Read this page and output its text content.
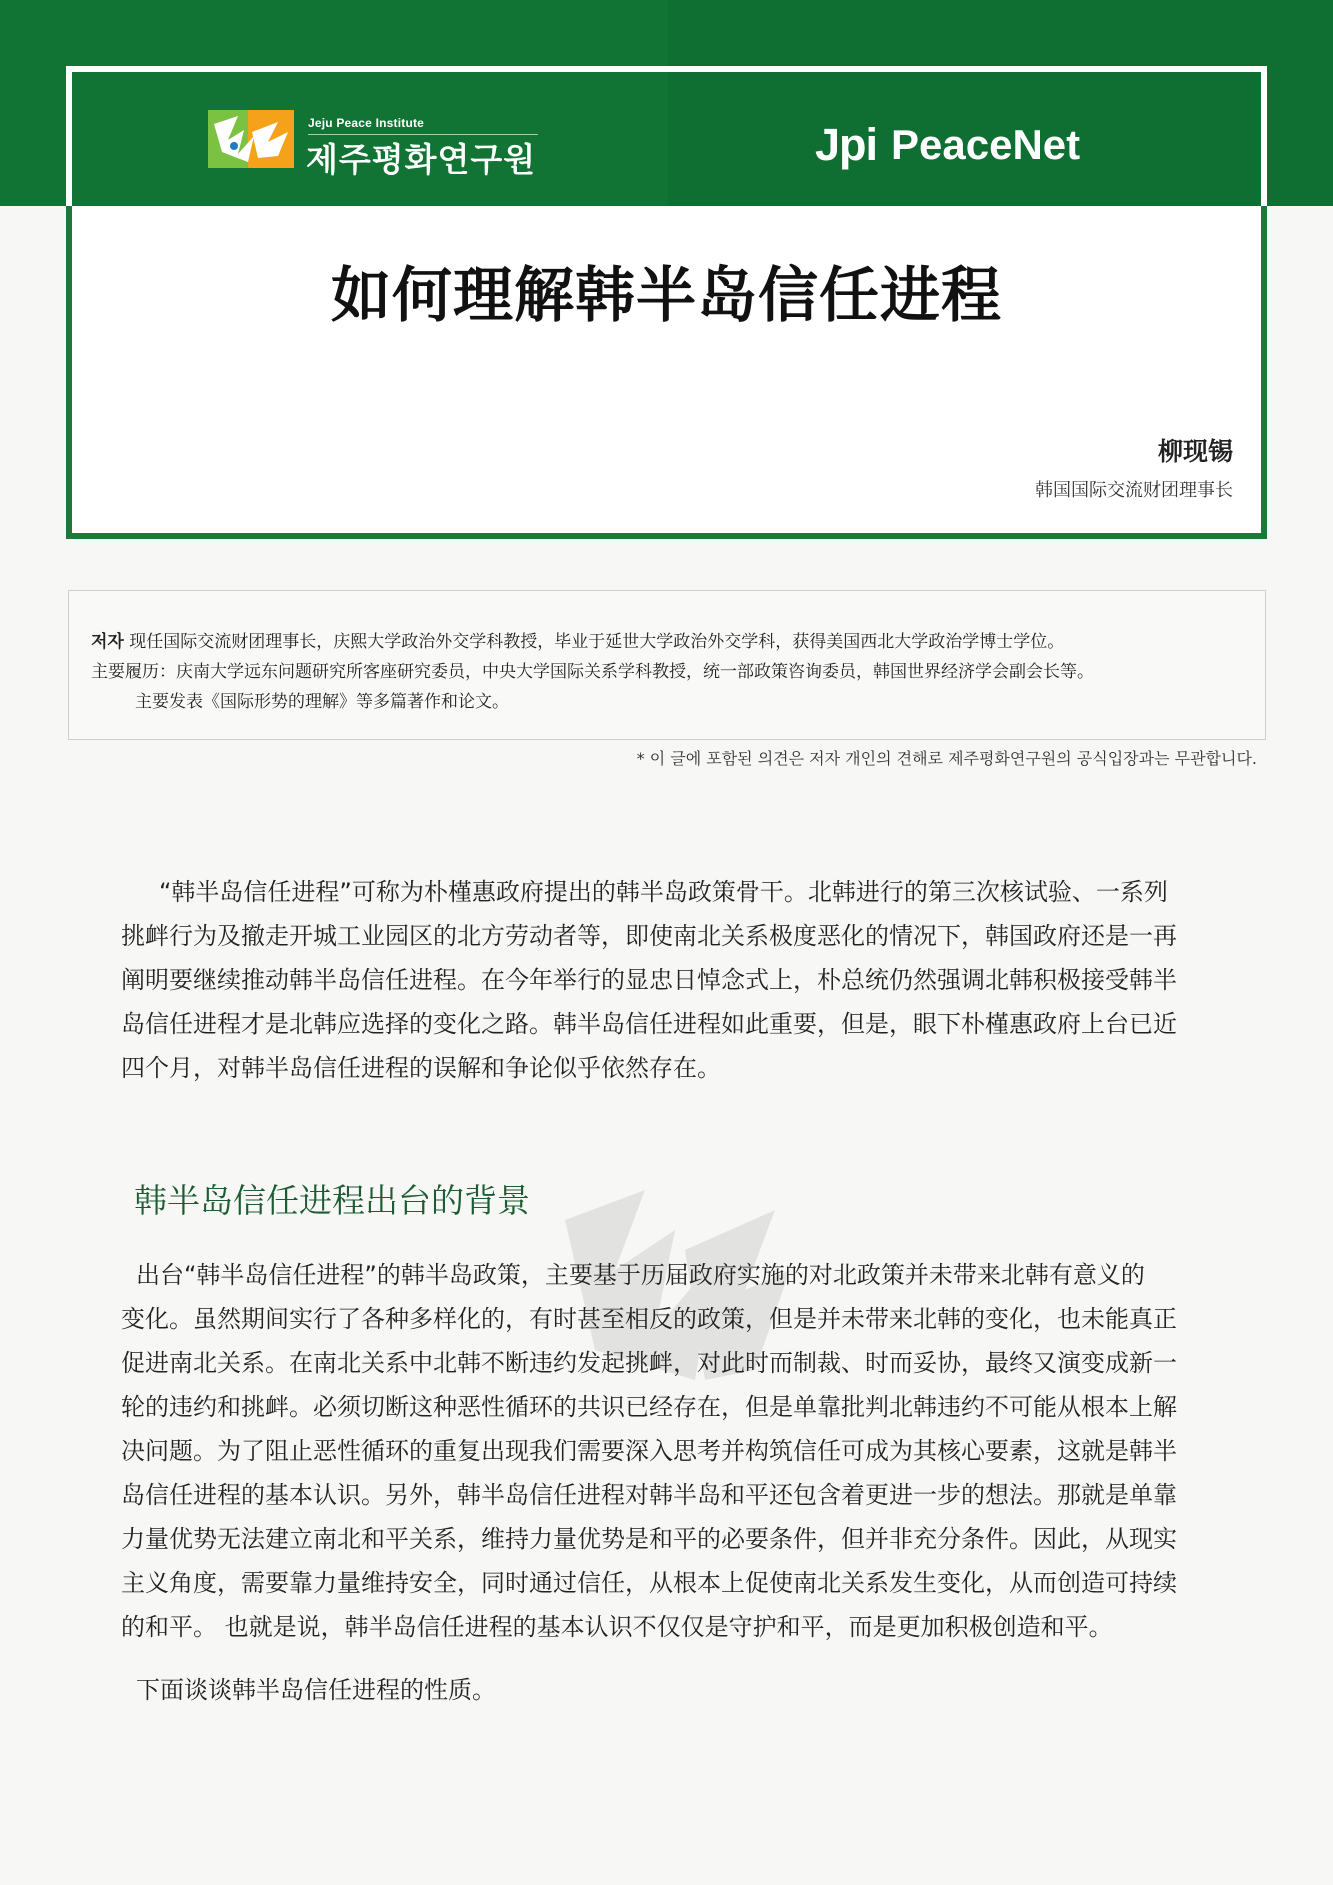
Jeju Peace Institute
제주평화연구원	Jpi PeaceNet
如何理解韩半岛信任进程
柳现锡
韩国国际交流财团理事长
저자 现任国际交流财团理事长，庆熙大学政治外交学科教授，毕业于延世大学政治外交学科，获得美国西北大学政治学博士学位。
主要履历：庆南大学远东问题研究所客座研究委员，中央大学国际关系学科教授，统一部政策咨询委员，韩国世界经济学会副会长等。
主要发表《国际形势的理解》等多篇著作和论文。
* 이 글에 포함된 의견은 저자 개인의 견해로 제주평화연구원의 공식입장과는 무관합니다.
“韩半岛信任进程”可称为朴槿惠政府提出的韩半岛政策骨干。北韩进行的第三次核试验、一系列
挑衅行为及撤走开城工业园区的北方劳动者等，即使南北关系极度恶化的情况下，韩国政府还是一再
阐明要继续推动韩半岛信任进程。在今年举行的显忠日悼念式上，朴总统仍然强调北韩积极接受韩半
岛信任进程才是北韩应选择的变化之路。韩半岛信任进程如此重要，但是，眼下朴槿惠政府上台已近
四个月，对韩半岛信任进程的误解和争论似乎依然存在。
韩半岛信任进程出台的背景
出台“韩半岛信任进程”的韩半岛政策，主要基于历届政府实施的对北政策并未带来北韩有意义的
变化。虽然期间实行了各种多样化的，有时甚至相反的政策，但是并未带来北韩的变化，也未能真正
促进南北关系。在南北关系中北韩不断违约发起挑衅，对此时而制裁、时而妥协，最终又演变成新一
轮的违约和挑衅。必须切断这种恶性循环的共识已经存在，但是单靠批判北韩违约不可能从根本上解
决问题。为了阻止恶性循环的重复出现我们需要深入思考并构筑信任可成为其核心要素，这就是韩半
岛信任进程的基本认识。另外，韩半岛信任进程对韩半岛和平还包含着更进一步的想法。那就是单靠
力量优势无法建立南北和平关系，维持力量优势是和平的必要条件，但并非充分条件。因此，从现实
主义角度，需要靠力量维持安全，同时通过信任，从根本上促使南北关系发生变化，从而创造可持续
的和平。 也就是说，韩半岛信任进程的基本认识不仅仅是守护和平，而是更加积极创造和平。
下面谈谈韩半岛信任进程的性质。
